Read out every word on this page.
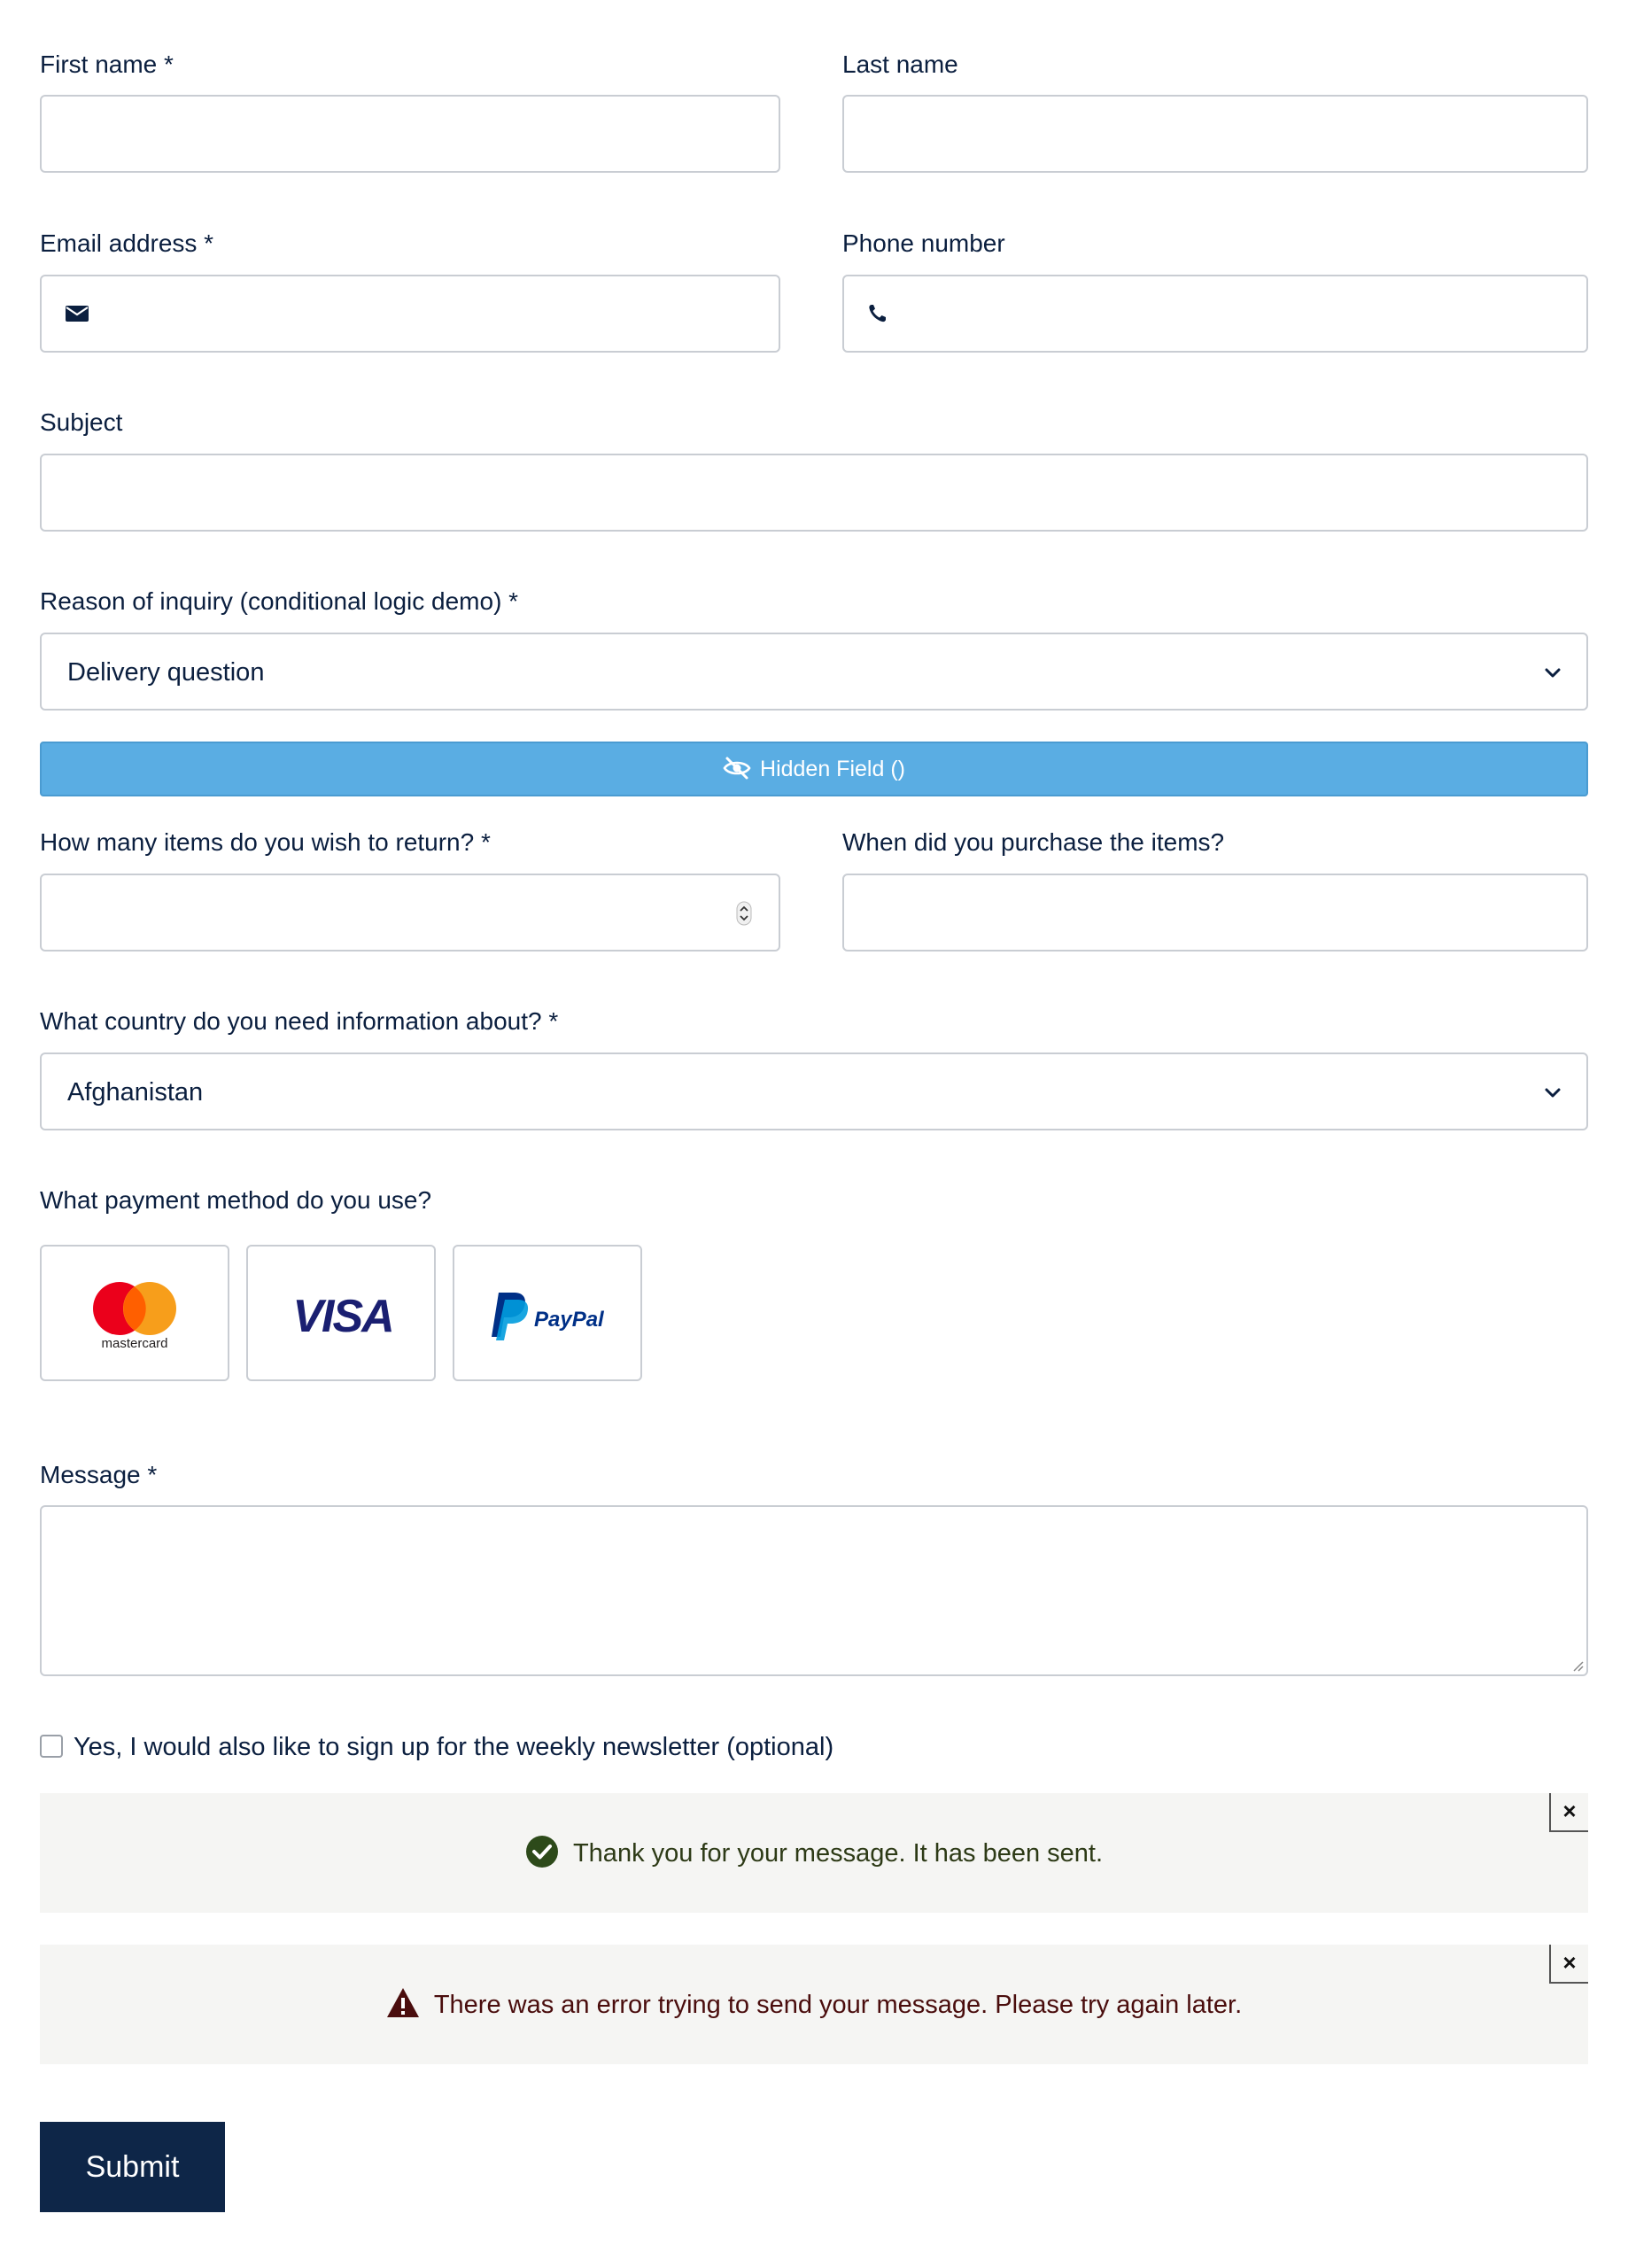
First name *	Last name
Email address *	Phone number
Subject
Reason of inquiry (conditional logic demo) *
Delivery question
Hidden Field ()
How many items do you wish to return? *	When did you purchase the items?
What country do you need information about? *
Afghanistan
What payment method do you use?
mastercard
VISA	PayPal
Message *
Yes, I would also like to sign up for the weekly newsletter (optional)
Thank you for your message. It has been sent.
×
There was an error trying to send your message. Please try again later.
×
Submit
